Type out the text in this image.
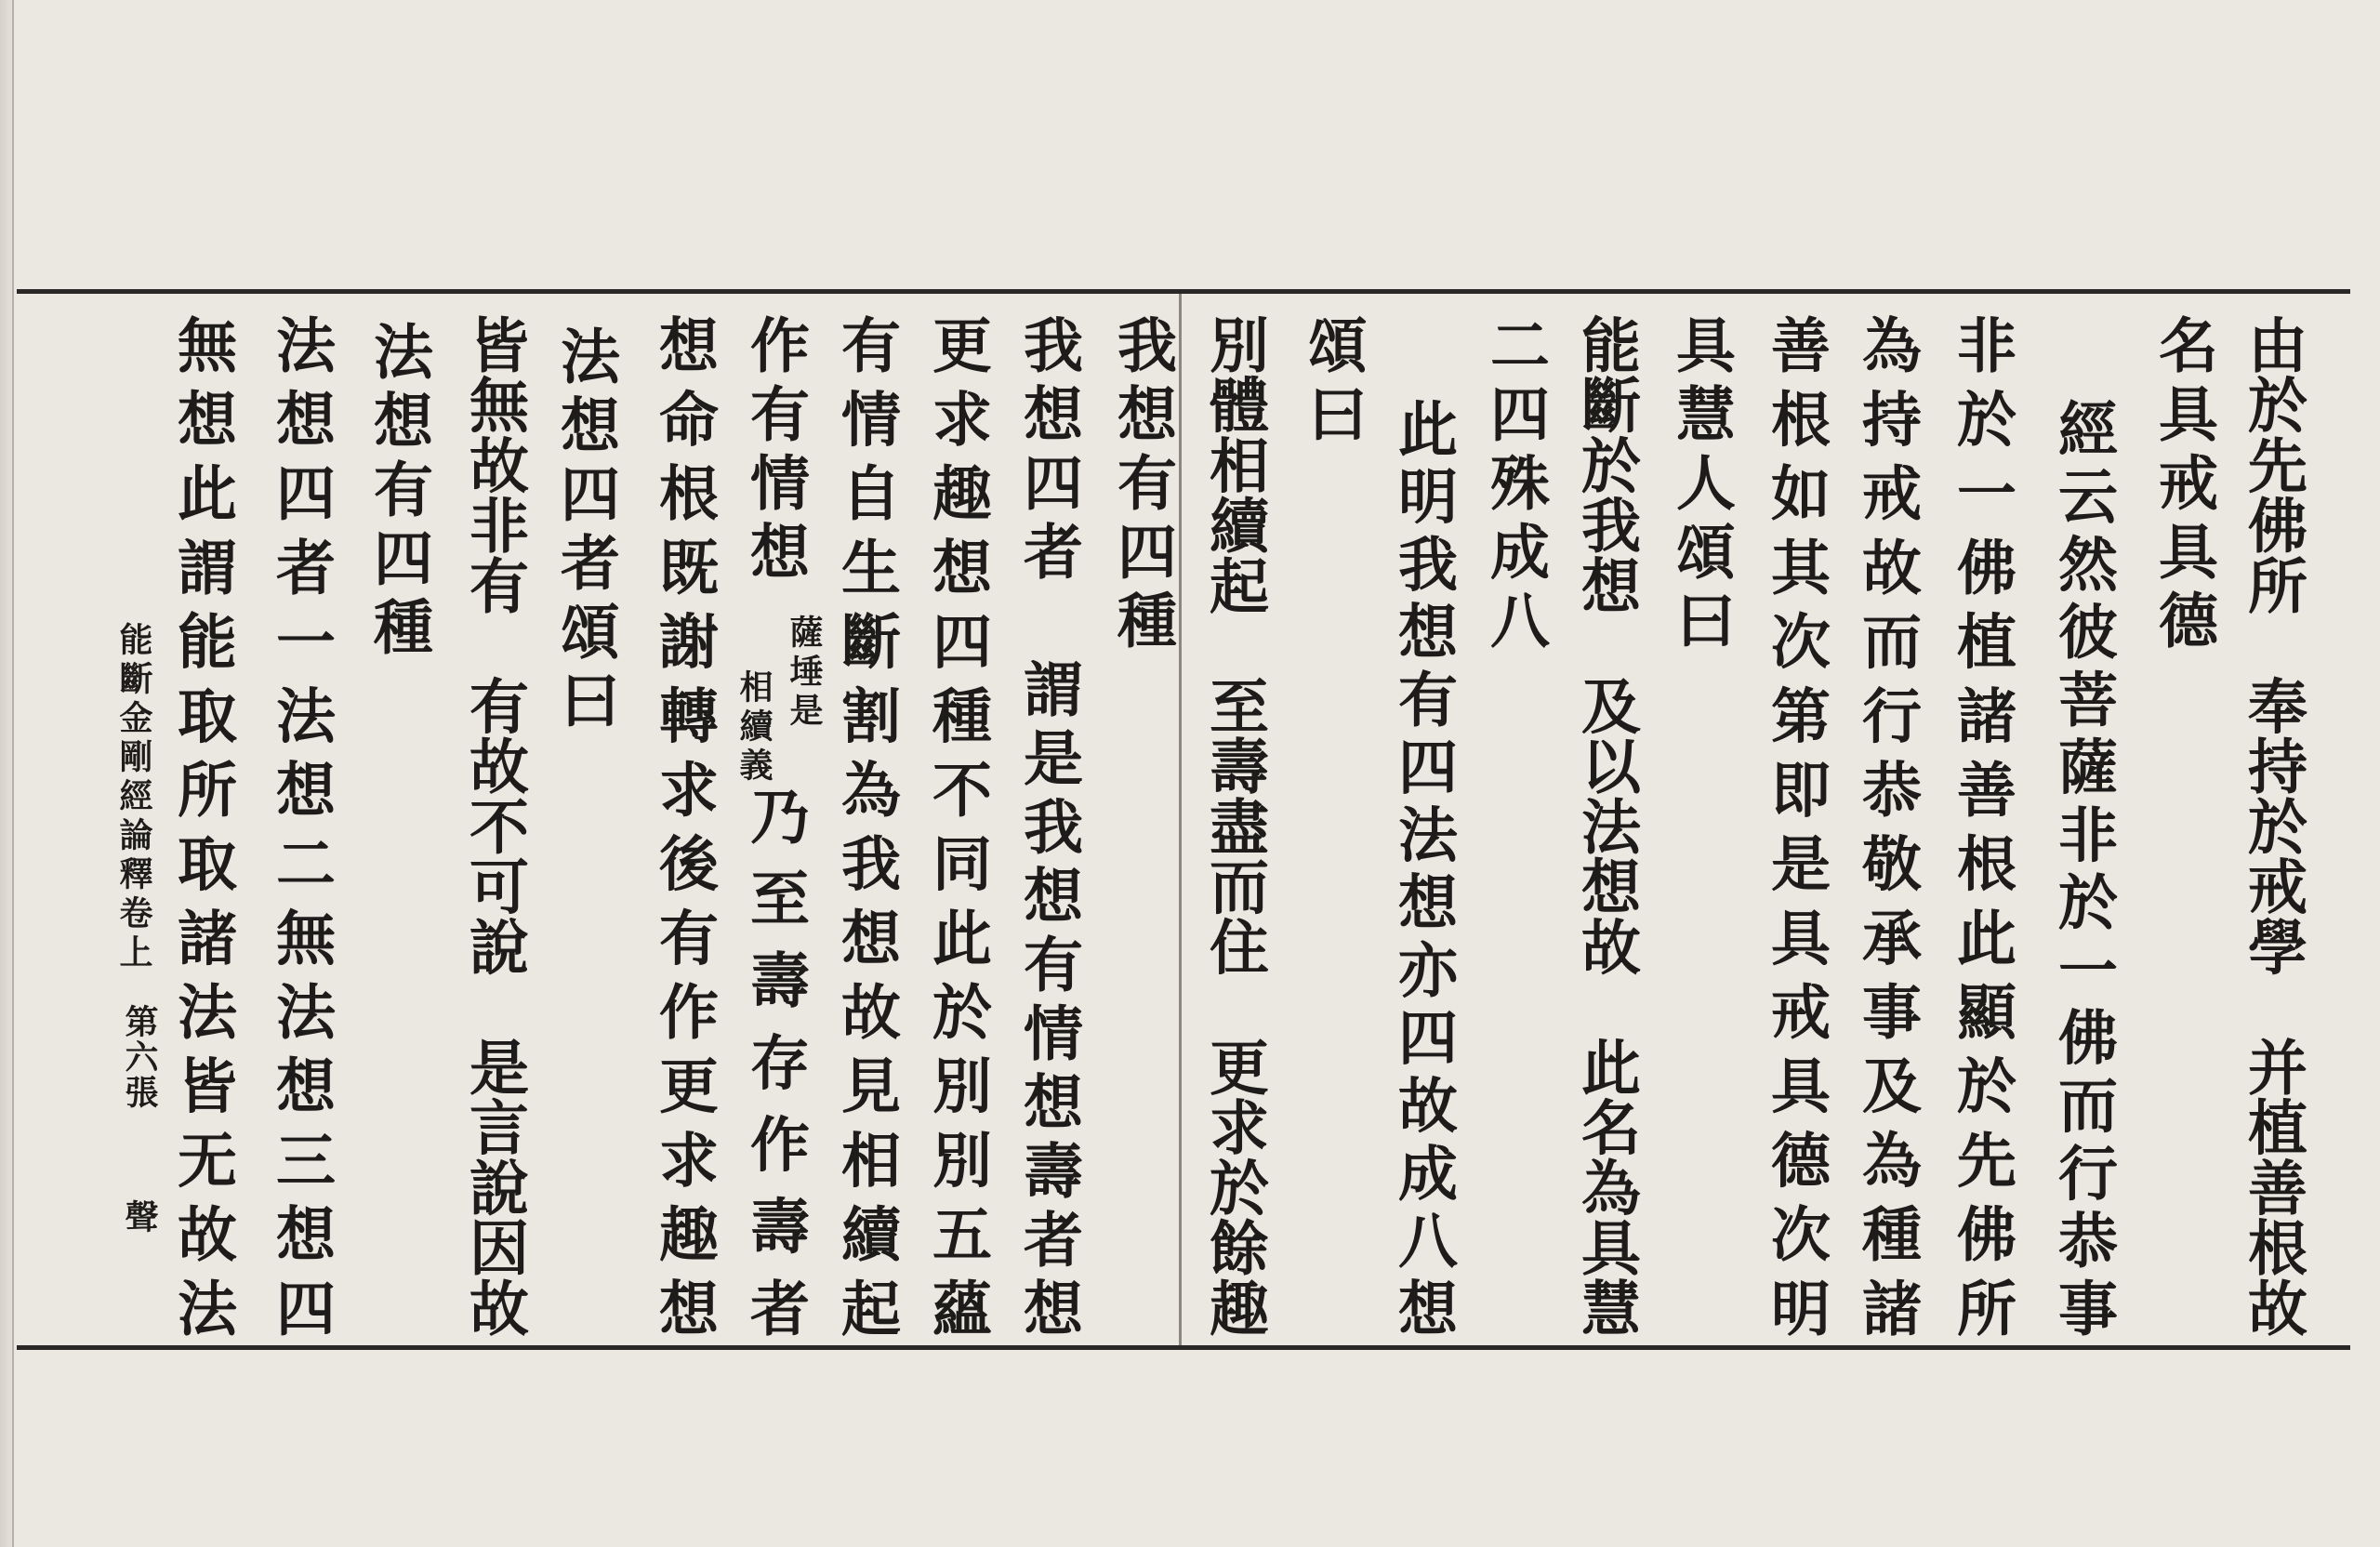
由於先佛所　奉持於戒學　并植善根故
名具戒具德
經云然彼菩薩非於一佛而行恭事
非於一佛植諸善根此顯於先佛所
為持戒故而行恭敬承事及為種諸
善根如其次第即是具戒具德次明
具慧人頌曰
能斷於我想　及以法想故　此名為具慧
二四殊成八
此明我想有四法想亦四故成八想
頌曰
別體相續起　至壽盡而住　更求於餘趣
我想有四種
我想四者　謂是我想有情想壽者想
更求趣想四種不同此於別別五蘊
有情自生斷割為我想故見相續起
作有情想
薩埵是
相續義
乃至壽存作壽者
想命根既謝轉求後有作更求趣想
法想四者頌曰
皆無故非有　有故不可說　是言說因故
法想有四種
法想四者一法想二無法想三想四
無想此謂能取所取諸法皆无故法
能斷金剛經論釋卷上
第六張
聲
